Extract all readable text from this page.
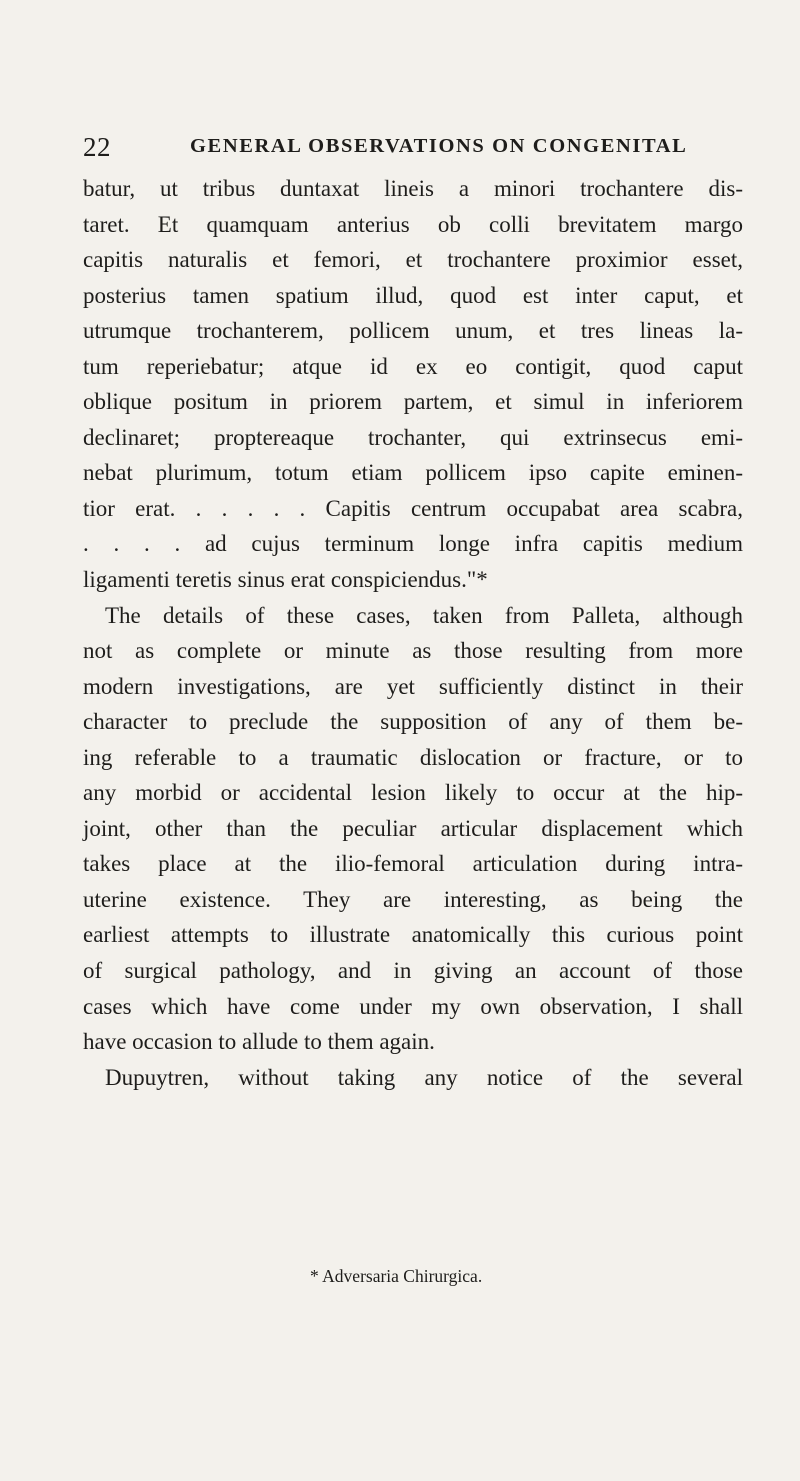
22	GENERAL OBSERVATIONS ON CONGENITAL
batur, ut tribus duntaxat lineis a minori trochantere dis-
taret. Et quamquam anterius ob colli brevitatem margo
capitis naturalis et femori, et trochantere proximior esset,
posterius tamen spatium illud, quod est inter caput, et
utrumque trochanterem, pollicem unum, et tres lineas la-
tum reperiebatur; atque id ex eo contigit, quod caput
oblique positum in priorem partem, et simul in inferiorem
declinaret; proptereaque trochanter, qui extrinsecus emi-
nebat plurimum, totum etiam pollicem ipso capite eminen-
tior erat. . . . . . Capitis centrum occupabat area scabra,
. . . . ad cujus terminum longe infra capitis medium
ligamenti teretis sinus erat conspiciendus."*
The details of these cases, taken from Palleta, although
not as complete or minute as those resulting from more
modern investigations, are yet sufficiently distinct in their
character to preclude the supposition of any of them be-
ing referable to a traumatic dislocation or fracture, or to
any morbid or accidental lesion likely to occur at the hip-
joint, other than the peculiar articular displacement which
takes place at the ilio-femoral articulation during intra-
uterine existence. They are interesting, as being the
earliest attempts to illustrate anatomically this curious point
of surgical pathology, and in giving an account of those
cases which have come under my own observation, I shall
have occasion to allude to them again.
Dupuytren, without taking any notice of the several
* Adversaria Chirurgica.
